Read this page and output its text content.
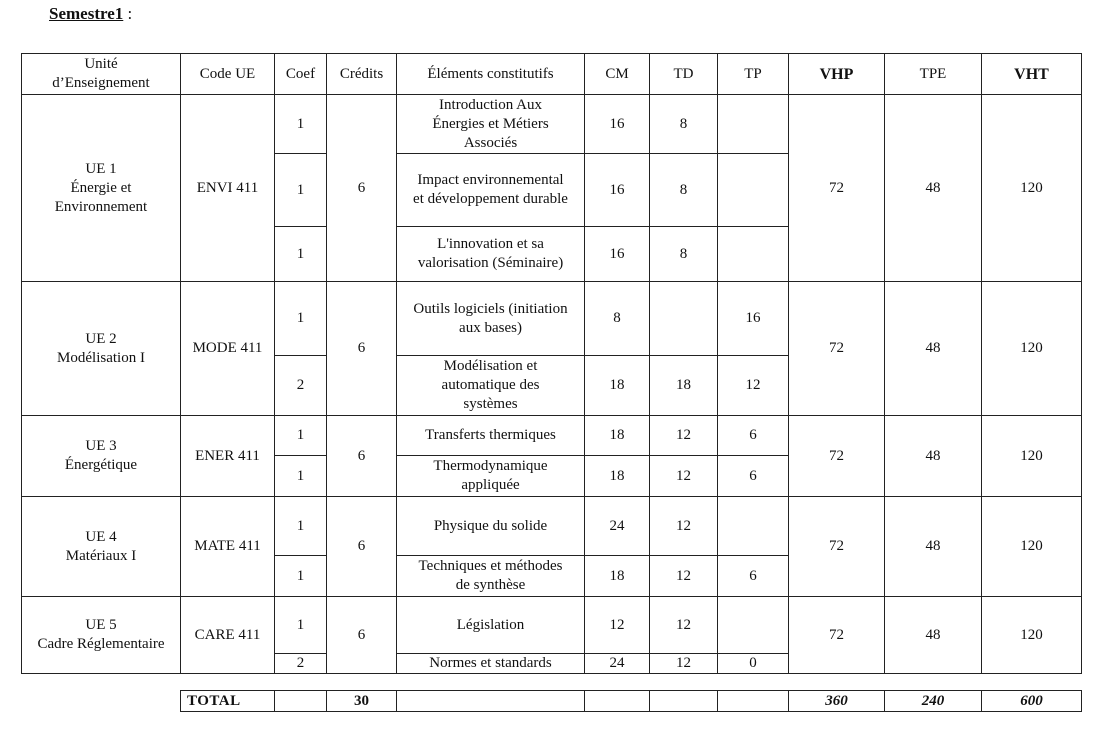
Semestre1 :
Unité
d’Enseignement	Code UE	Coef	Crédits	Éléments constitutifs	CM	TD	TP	VHP	TPE	VHT
UE 1
Énergie et
Environnement	ENVI 411	1	6	Introduction Aux
Énergies et Métiers
Associés	16	8		72	48	120
		1		Impact environnemental
et développement durable	16	8				
		1		L'innovation et sa
valorisation (Séminaire)	16	8				
UE 2
Modélisation I	MODE 411	1	6	Outils logiciels (initiation
aux bases)	8		16	72	48	120
		2		Modélisation et
automatique des
systèmes	18	18	12			
UE 3
Énergétique	ENER 411	1	6	Transferts thermiques	18	12	6	72	48	120
		1		Thermodynamique
appliquée	18	12	6			
UE 4
Matériaux I	MATE 411	1	6	Physique du solide	24	12		72	48	120
		1		Techniques et méthodes
de synthèse	18	12	6			
UE 5
Cadre Réglementaire	CARE 411	1	6	Législation	12	12		72	48	120
		2		Normes et standards	24	12	0			
TOTAL		30					360	240	600
